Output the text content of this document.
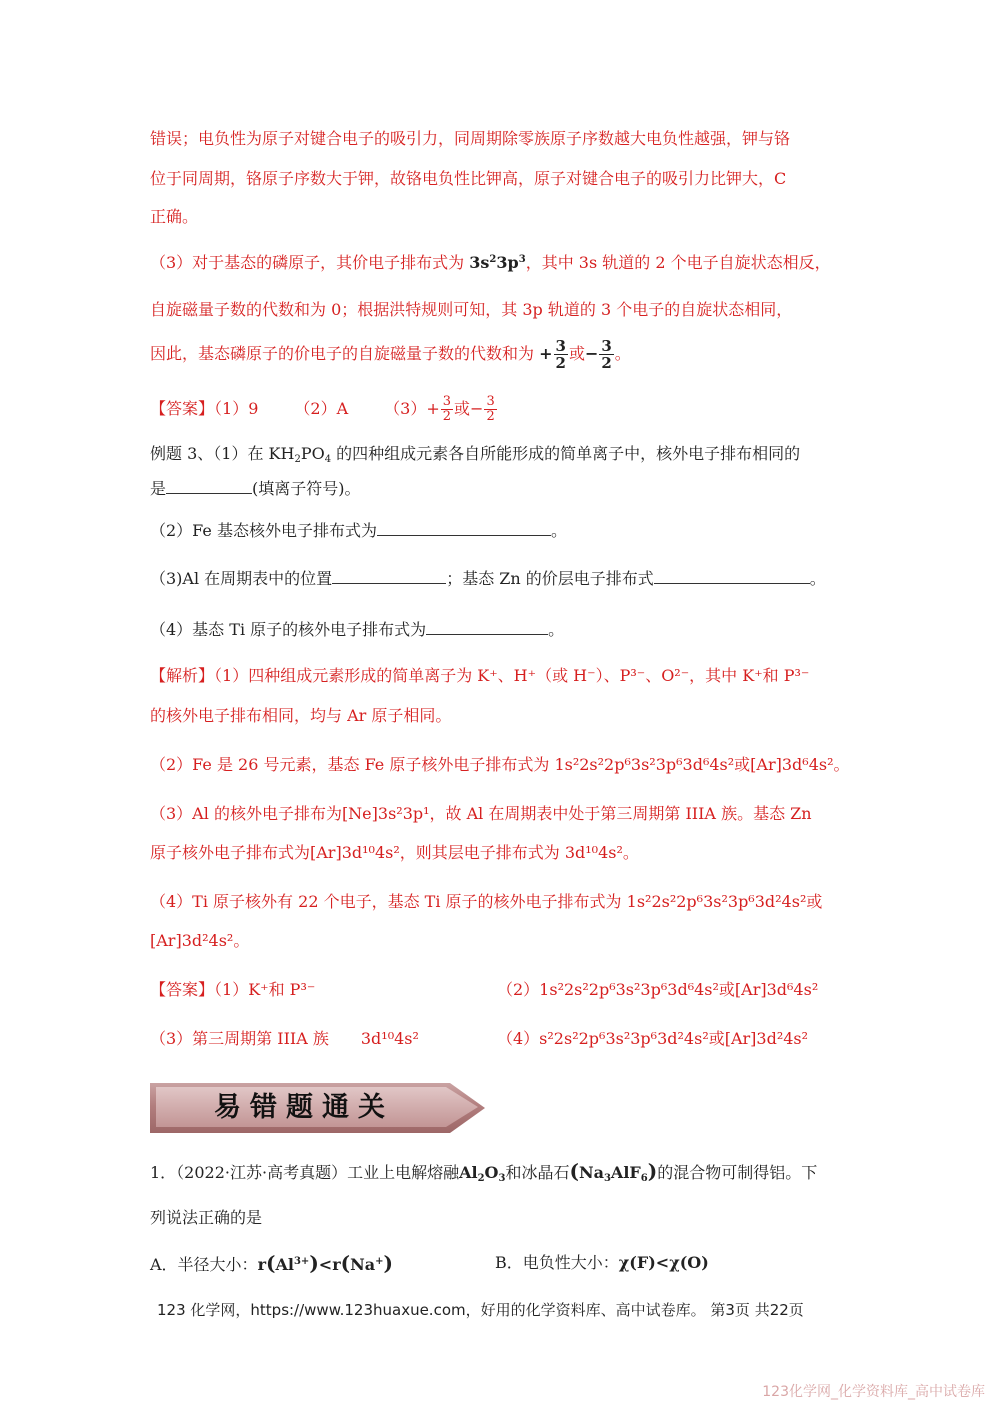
错误；电负性为原子对键合电子的吸引力，同周期除零族原子序数越大电负性越强，钾与铬
位于同周期，铬原子序数大于钾，故铬电负性比钾高，原子对键合电子的吸引力比钾大，C
正确。
（3）对于基态的磷原子，其价电子排布式为 $3s^23p^3$，其中 3s 轨道的 2 个电子自旋状态相反，
自旋磁量子数的代数和为 0；根据洪特规则可知，其 3p 轨道的 3 个电子的自旋状态相同，
因此，基态磷原子的价电子的自旋磁量子数的代数和为 + $\frac{3}{2}$ 或− $\frac{3}{2}$ 。
【答案】（1）9 （2）A $(3)+ \frac{3}{2}$ 或− $\frac{3}{2}$
例题 3、（1）在 $KH_2PO_4$ 的四种组成元素各自所能形成的简单离子中，核外电子排布相同的
是	(填离子符号)。
（2）Fe 基态核外电子排布式为	。
（3)Al 在周期表中的位置	；基态 Zn 的价层电子排布式	。
（4）基态 Ti 原子的核外电子排布式为	。
【解析】（1）四种组成元素形成的简单离子为 K⁺、H⁺（或 H⁻）、P³⁻、O²⁻，其中 K⁺和 P³⁻
的核外电子排布相同，均与 Ar 原子相同。
（2）Fe 是 26 号元素，基态 Fe 原子核外电子排布式为 1s²2s²2p⁶3s²3p⁶3d⁶4s²或[Ar]3d⁶4s²。
（3）Al 的核外电子排布为[Ne]3s²3p¹，故 Al 在周期表中处于第三周期第 IIIA 族。基态 Zn
原子核外电子排布式为[Ar]3d¹⁰4s²，则其层电子排布式为 3d¹⁰4s²。
（4）Ti 原子核外有 22 个电子，基态 Ti 原子的核外电子排布式为 1s²2s²2p⁶3s²3p⁶3d²4s²或
[Ar]3d²4s²。
【答案】（1）K⁺和 P³⁻	（2）1s²2s²2p⁶3s²3p⁶3d⁶4s²或[Ar]3d⁶4s²
（3）第三周期第 IIIA 族　　3d¹⁰4s²	（4）s²2s²2p⁶3s²3p⁶3d²4s²或[Ar]3d²4s²
易错题通关
1．（2022·江苏·高考真题）工业上电解熔融$Al_2O_3$和冰晶石$(Na_3AlF_6)$的混合物可制得铝。下
列说法正确的是
A．半径大小：$r(Al^{3+})<r(Na^+)$	B．电负性大小：χ(F)<χ(O)
123 化学网，https://www.123huaxue.com，好用的化学资料库、高中试卷库。 第3页 共22页
123化学网_化学资料库_高中试卷库
